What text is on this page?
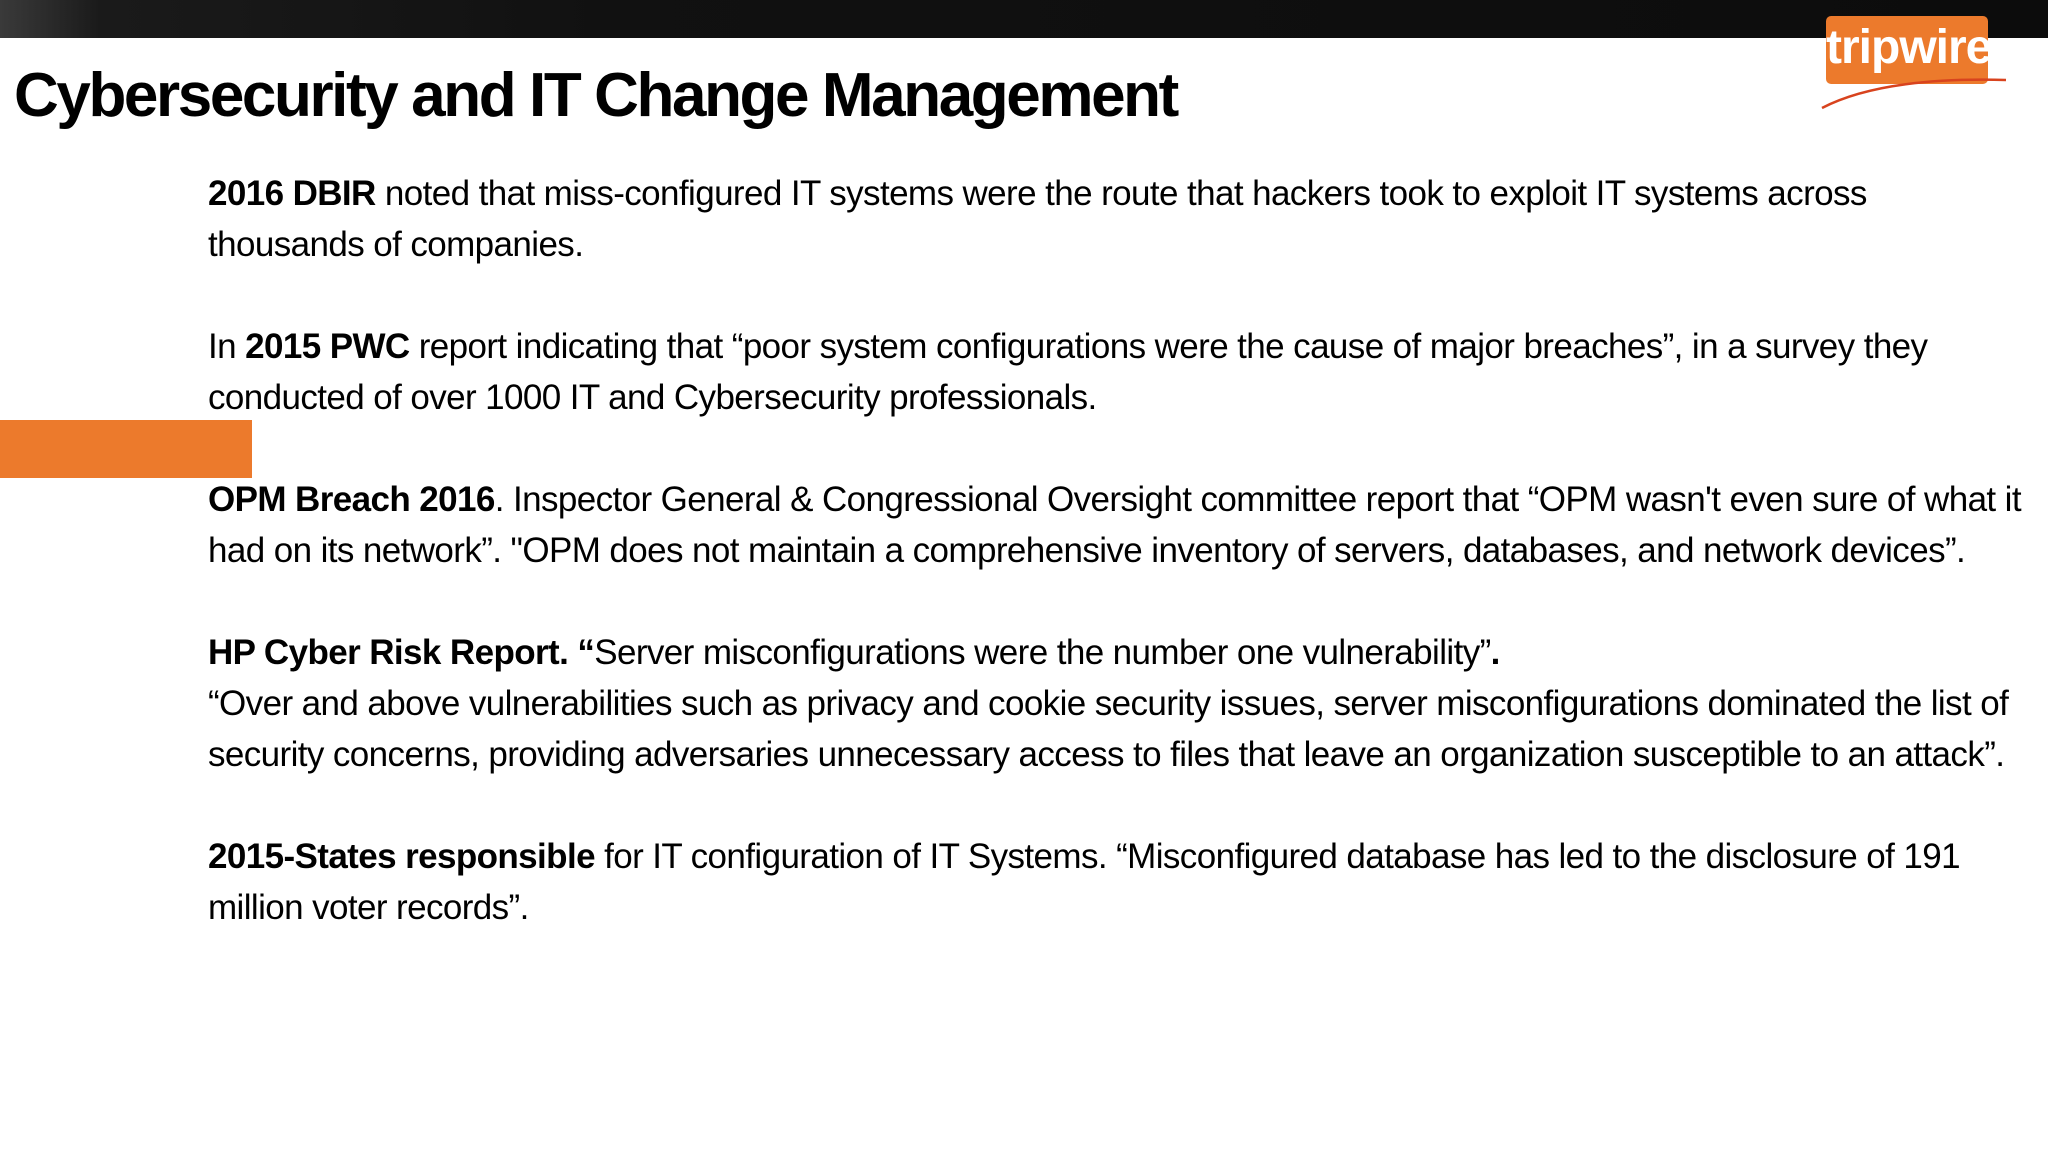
tripwire
Cybersecurity and IT Change Management

2016 DBIR noted that miss-configured IT systems were the route that hackers took to exploit IT systems across thousands of companies.

In 2015 PWC report indicating that “poor system configurations were the cause of major breaches”, in a survey they conducted of over 1000 IT and Cybersecurity professionals.

OPM Breach 2016. Inspector General & Congressional Oversight committee report that “OPM wasn't even sure of what it had on its network”. "OPM does not maintain a comprehensive inventory of servers, databases, and network devices”.

HP Cyber Risk Report. “Server misconfigurations were the number one vulnerability”.
“Over and above vulnerabilities such as privacy and cookie security issues, server misconfigurations dominated the list of security concerns, providing adversaries unnecessary access to files that leave an organization susceptible to an attack”.

2015-States responsible for IT configuration of IT Systems. “Misconfigured database has led to the disclosure of 191 million voter records”.
